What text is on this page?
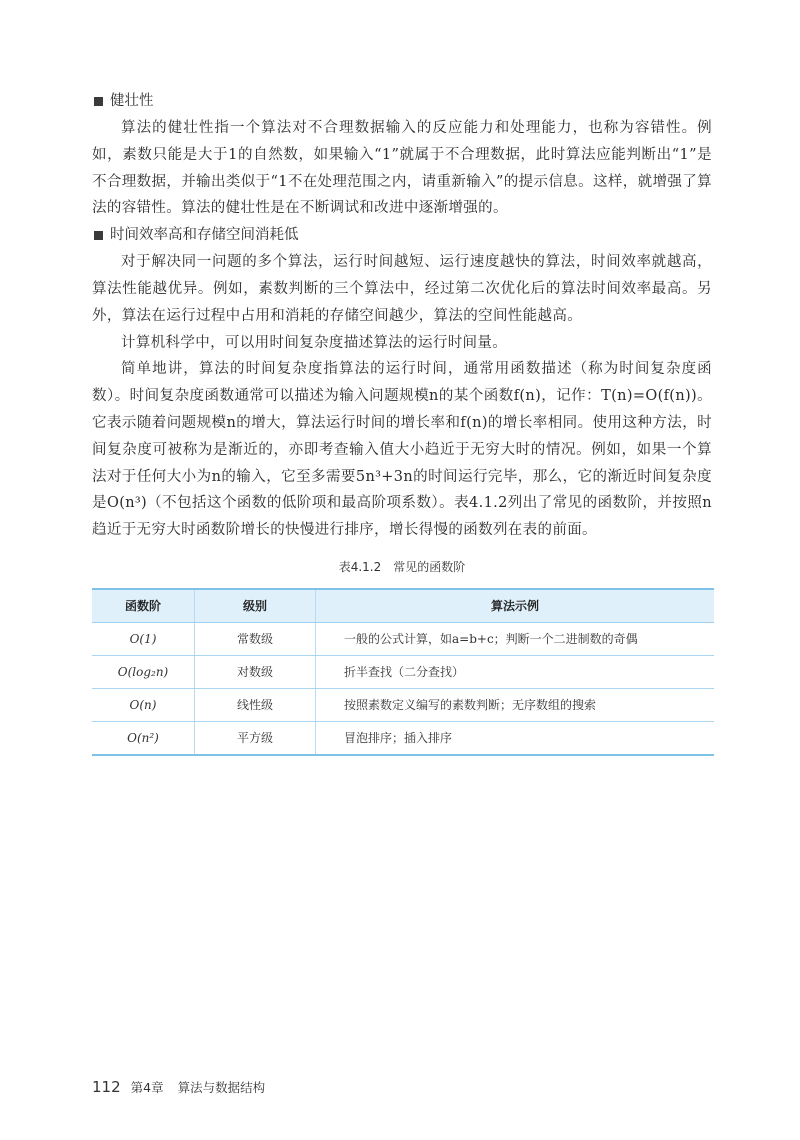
健壮性

算法的健壮性指一个算法对不合理数据输入的反应能力和处理能力，也称为容错性。例如，素数只能是大于1的自然数，如果输入“1”就属于不合理数据，此时算法应能判断出“1”是不合理数据，并输出类似于“1不在处理范围之内，请重新输入”的提示信息。这样，就增强了算法的容错性。算法的健壮性是在不断调试和改进中逐渐增强的。

时间效率高和存储空间消耗低

对于解决同一问题的多个算法，运行时间越短、运行速度越快的算法，时间效率就越高，算法性能越优异。例如，素数判断的三个算法中，经过第二次优化后的算法时间效率最高。另外，算法在运行过程中占用和消耗的存储空间越少，算法的空间性能越高。

计算机科学中，可以用时间复杂度描述算法的运行时间量。

简单地讲，算法的时间复杂度指算法的运行时间，通常用函数描述（称为时间复杂度函数）。时间复杂度函数通常可以描述为输入问题规模n的某个函数f(n)，记作：T(n)=O(f(n))。它表示随着问题规模n的增大，算法运行时间的增长率和f(n)的增长率相同。使用这种方法，时间复杂度可被称为是渐近的，亦即考查输入值大小趋近于无穷大时的情况。例如，如果一个算法对于任何大小为n的输入，它至多需要5n³+3n的时间运行完毕，那么，它的渐近时间复杂度是O(n³)（不包括这个函数的低阶项和最高阶项系数）。表4.1.2列出了常见的函数阶，并按照n趋近于无穷大时函数阶增长的快慢进行排序，增长得慢的函数列在表的前面。

表4.1.2　常见的函数阶
函数阶	级别	算法示例
O(1)	常数级	一般的公式计算，如a=b+c；判断一个二进制数的奇偶
O(log₂n)	对数级	折半查找（二分查找）
O(n)	线性级	按照素数定义编写的素数判断；无序数组的搜索
O(n²)	平方级	冒泡排序；插入排序
112 第4章 算法与数据结构
